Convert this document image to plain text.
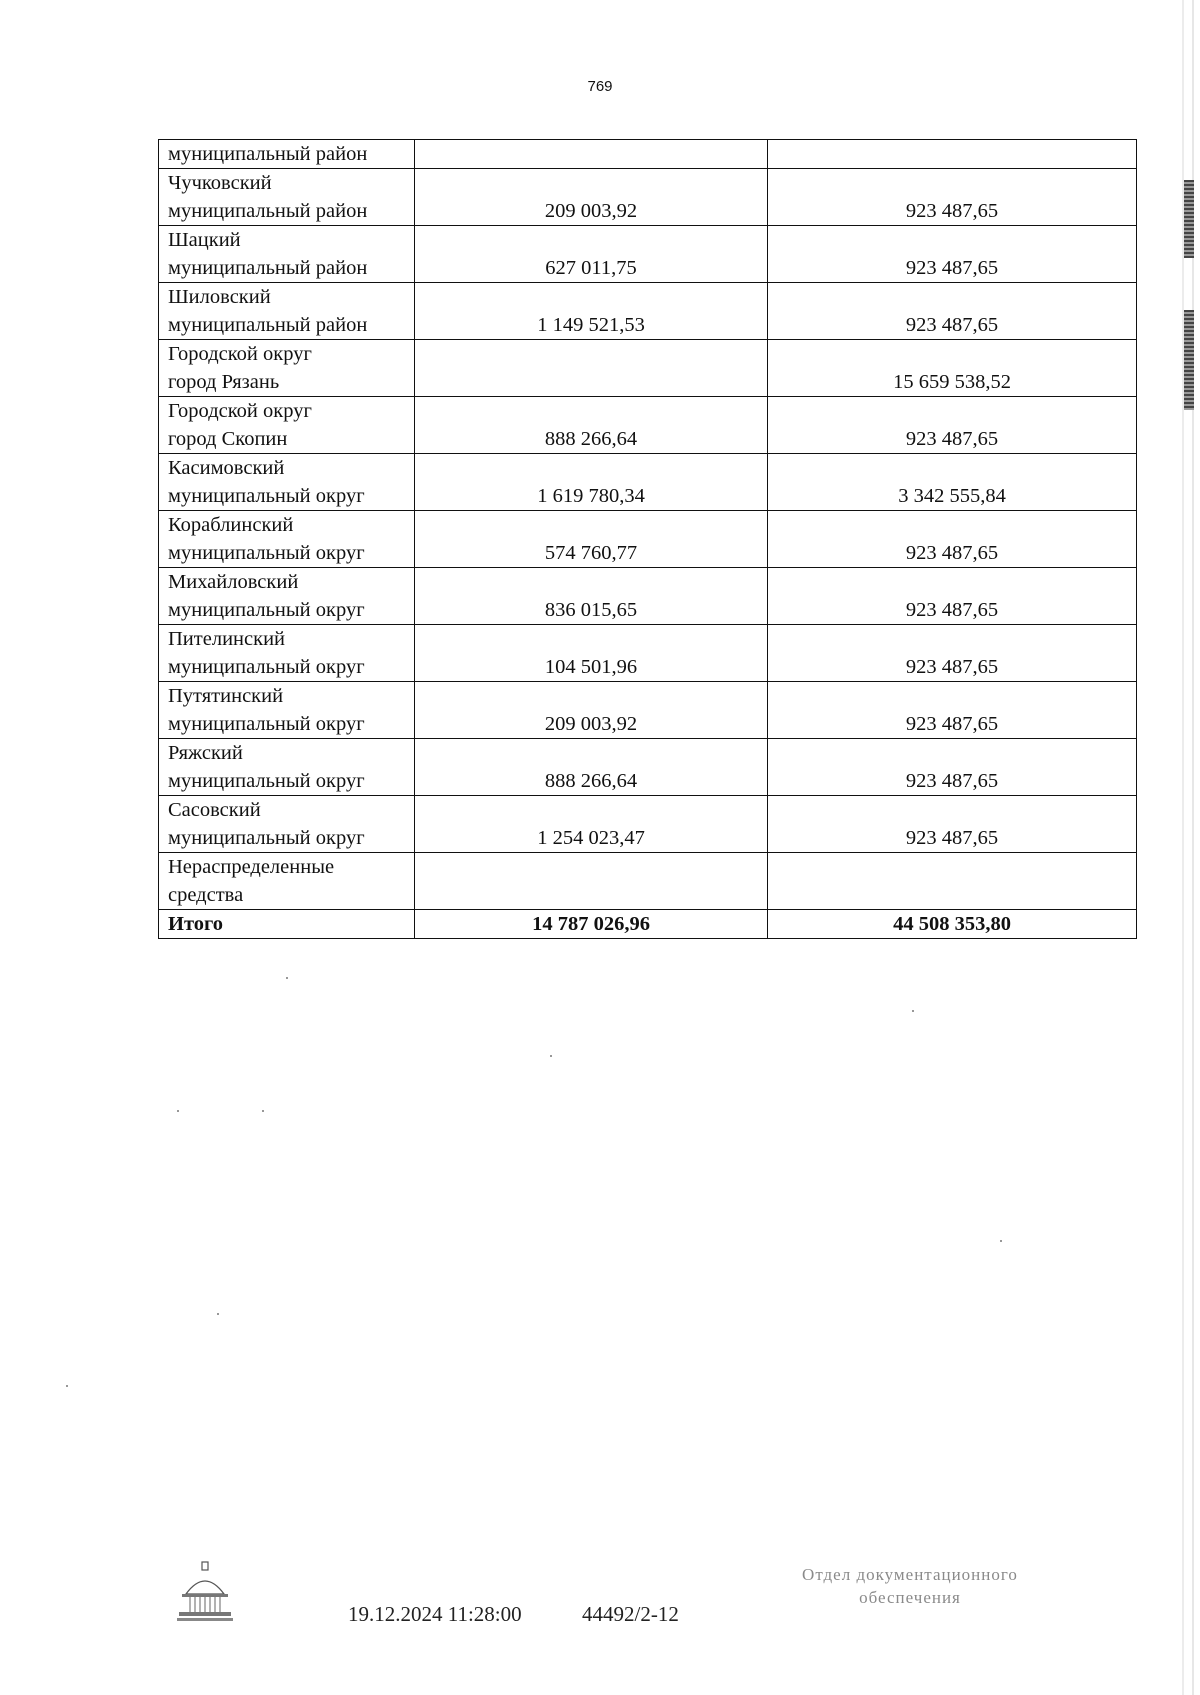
769
муниципальный район		
Чучковский
муниципальный район	209 003,92	923 487,65
Шацкий
муниципальный район	627 011,75	923 487,65
Шиловский
муниципальный район	1 149 521,53	923 487,65
Городской округ
город Рязань		15 659 538,52
Городской округ
город Скопин	888 266,64	923 487,65
Касимовский
муниципальный округ	1 619 780,34	3 342 555,84
Кораблинский
муниципальный округ	574 760,77	923 487,65
Михайловский
муниципальный округ	836 015,65	923 487,65
Пителинский
муниципальный округ	104 501,96	923 487,65
Путятинский
муниципальный округ	209 003,92	923 487,65
Ряжский
муниципальный округ	888 266,64	923 487,65
Сасовский
муниципальный округ	1 254 023,47	923 487,65
Нераспределенные
средства		
Итого	14 787 026,96	44 508 353,80
19.12.2024 11:28:00	44492/2-12
Отдел документационного
обеспечения
